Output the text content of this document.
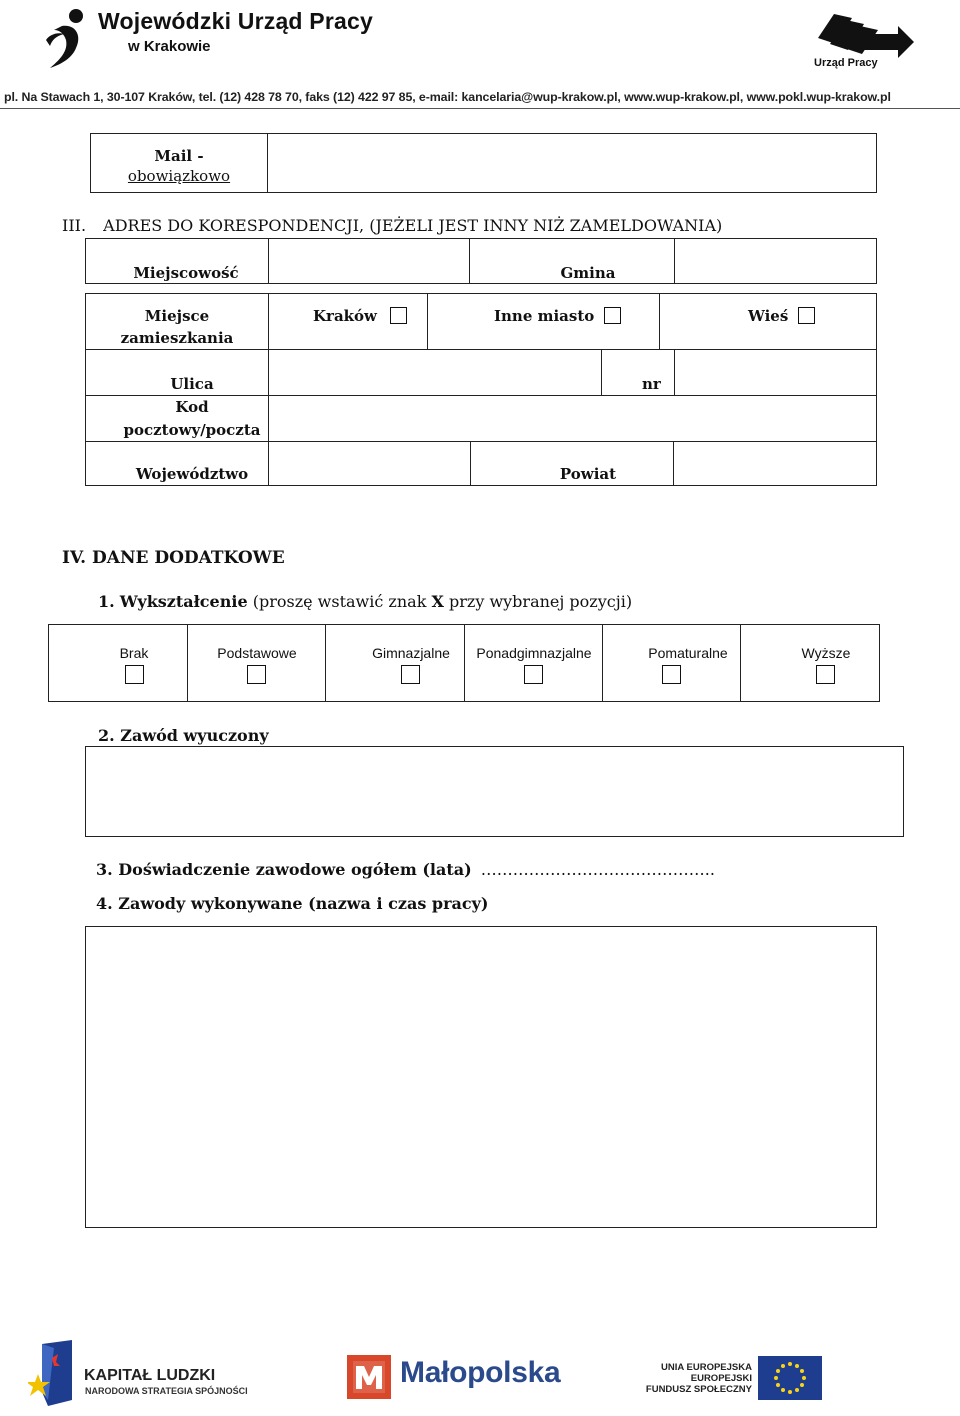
Wojewódzki Urząd Pracy
w Krakowie
Urząd Pracy
pl. Na Stawach 1, 30-107 Kraków, tel. (12) 428 78 70, faks (12) 422 97 85, e-mail: kancelaria@wup-krakow.pl, www.wup-krakow.pl, www.pokl.wup-krakow.pl
Mail -
obowiązkowo
III. ADRES DO KORESPONDENCJI, (JEŻELI JEST INNY NIŻ ZAMELDOWANIA)
Miejscowość	Gmina
Miejsce
zamieszkania
Kraków	Inne miasto	Wieś
Ulica	nr
Kod
pocztowy/poczta
Województwo	Powiat
IV. DANE DODATKOWE
1. Wykształcenie (proszę wstawić znak X przy wybranej pozycji)
Brak	Podstawowe	Gimnazjalne	Ponadgimnazjalne	Pomaturalne	Wyższe
2. Zawód wyuczony
3. Doświadczenie zawodowe ogółem (lata) ……………………………………..
4. Zawody wykonywane (nazwa i czas pracy)
KAPITAŁ LUDZKI
NARODOWA STRATEGIA SPÓJNOŚCI
Małopolska	UNIA EUROPEJSKA
EUROPEJSKI
FUNDUSZ SPOŁECZNY
